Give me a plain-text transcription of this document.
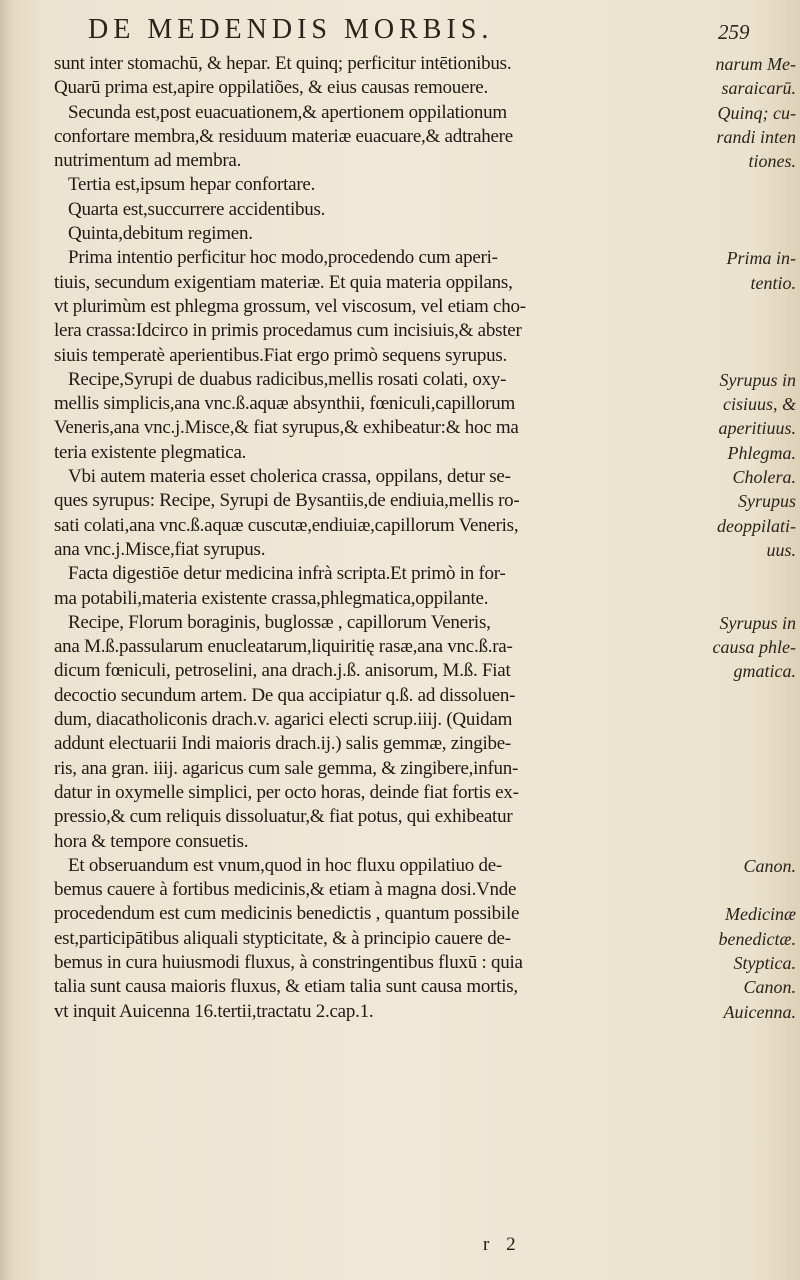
DE MEDENDIS MORBIS.	259
sunt inter stomachū, & hepar. Et quinq; perficitur intētionibus.	narum Me-
Quarū prima est,apire oppilatiões, & eius causas remouere.	saraicarū.
Secunda est,post euacuationem,& apertionem oppilationum	Quinq; cu-
confortare membra,& residuum materiæ euacuare,& adtrahere	randi inten
nutrimentum ad membra.	tiones.
Tertia est,ipsum hepar confortare.
Quarta est,succurrere accidentibus.
Quinta,debitum regimen.
Prima intentio perficitur hoc modo,procedendo cum aperi-	Prima in-
tiuis, secundum exigentiam materiæ. Et quia materia oppilans,	tentio.
vt plurimùm est phlegma grossum, vel viscosum, vel etiam cho-
lera crassa:Idcirco in primis procedamus cum incisiuis,& abster
siuis temperatè aperientibus.Fiat ergo primò sequens syrupus.
Recipe,Syrupi de duabus radicibus,mellis rosati colati, oxy-	Syrupus in
mellis simplicis,ana vnc.ß.aquæ absynthii, fœniculi,capillorum	cisiuus, &
Veneris,ana vnc.j.Misce,& fiat syrupus,& exhibeatur:& hoc ma	aperitiuus.
teria existente plegmatica.	Phlegma.
Vbi autem materia esset cholerica crassa, oppilans, detur se-	Cholera.
ques syrupus: Recipe, Syrupi de Bysantiis,de endiuia,mellis ro-	Syrupus
sati colati,ana vnc.ß.aquæ cuscutæ,endiuiæ,capillorum Veneris,	deoppilati-
ana vnc.j.Misce,fiat syrupus.	uus.
Facta digestiōe detur medicina infrà scripta.Et primò in for-
ma potabili,materia existente crassa,phlegmatica,oppilante.
Recipe, Florum boraginis, buglossæ , capillorum Veneris,	Syrupus in
ana M.ß.passularum enucleatarum,liquiritię rasæ,ana vnc.ß.ra-	causa phle-
dicum fœniculi, petroselini, ana drach.j.ß. anisorum, M.ß. Fiat	gmatica.
decoctio secundum artem. De qua accipiatur q.ß. ad dissoluen-
dum, diacatholiconis drach.v. agarici electi scrup.iiij. (Quidam
addunt electuarii Indi maioris drach.ij.) salis gemmæ, zingibe-
ris, ana gran. iiij. agaricus cum sale gemma, & zingibere,infun-
datur in oxymelle simplici, per octo horas, deinde fiat fortis ex-
pressio,& cum reliquis dissoluatur,& fiat potus, qui exhibeatur
hora & tempore consuetis.
Et obseruandum est vnum,quod in hoc fluxu oppilatiuo de-	Canon.
bemus cauere à fortibus medicinis,& etiam à magna dosi.Vnde
procedendum est cum medicinis benedictis , quantum possibile	Medicinæ
est,participātibus aliquali stypticitate, & à principio cauere de-	benedictæ.
bemus in cura huiusmodi fluxus, à constringentibus fluxū : quia	Styptica.
talia sunt causa maioris fluxus, & etiam talia sunt causa mortis,	Canon.
vt inquit Auicenna 16.tertii,tractatu 2.cap.1.	Auicenna.
r 2
